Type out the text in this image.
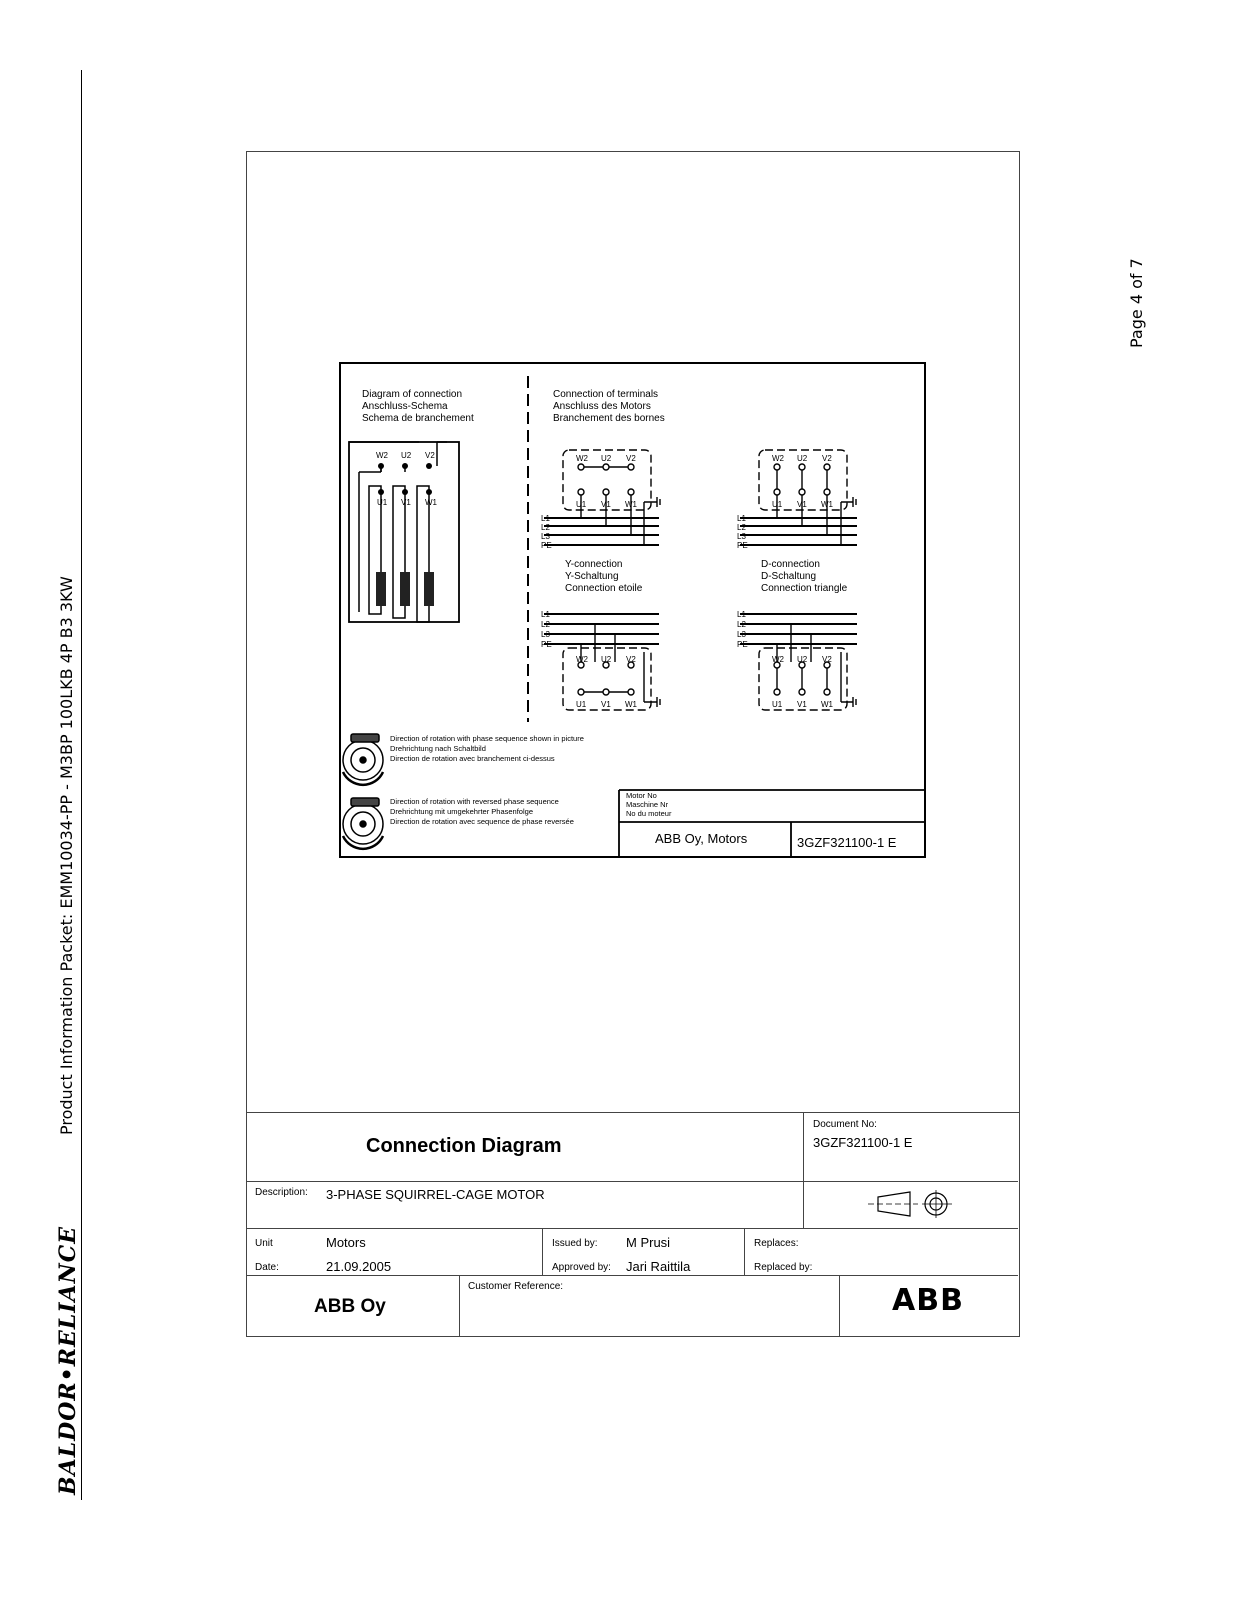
BALDOR•RELIANCE
Product Information Packet: EMM10034-PP - M3BP 100LKB 4P B3 3KW
Page 4 of 7
Diagram of connection
Anschluss-Schema
Schema de branchement
Connection of terminals
Anschluss des Motors
Branchement des bornes
W2 U2 V2
U1 V1 W1
W2 U2 V2
U1 V1 W1
W2 U2 V2
U1 V1 W1
W2 U2 V2
U1 V1 W1
W2 U2 V2
U1 V1 W1
L1
L2
L3
PE
L1
L2
L3
PE
L1
L2
L3
PE
L1
L2
L3
PE
Y-connection
Y-Schaltung
Connection etoile
D-connection
D-Schaltung
Connection triangle
Direction of rotation with phase sequence shown in picture
Drehrichtung nach Schaltbild
Direction de rotation avec branchement ci-dessus
Direction of rotation with reversed phase sequence
Drehrichtung mit umgekehrter Phasenfolge
Direction de rotation avec sequence de phase reversée
Motor No
Maschine Nr
No du moteur
ABB Oy, Motors	3GZF321100-1 E
Connection Diagram
Document No:
3GZF321100-1 E
Description: 3-PHASE SQUIRREL-CAGE MOTOR
Unit	Motors
Date:	21.09.2005
Issued by: M Prusi
Approved by: Jari Raittila
Replaces:
Replaced by:
Customer Reference:
ABB Oy	ABB
